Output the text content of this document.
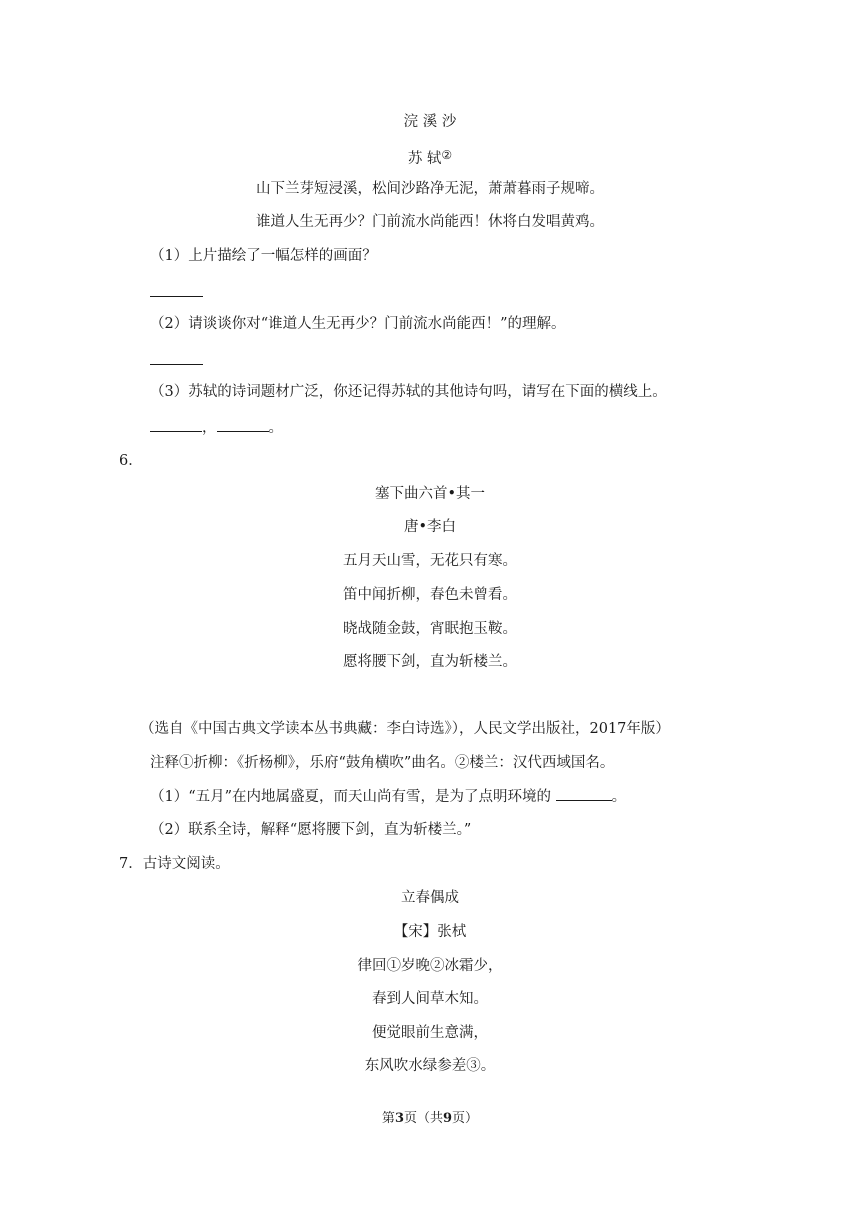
浣 溪 沙
苏 轼②
山下兰芽短浸溪，松间沙路净无泥，萧萧暮雨子规啼。
谁道人生无再少？门前流水尚能西！休将白发唱黄鸡。
（1）上片描绘了一幅怎样的画面？
（2）请谈谈你对“谁道人生无再少？门前流水尚能西！”的理解。
（3）苏轼的诗词题材广泛，你还记得苏轼的其他诗句吗，请写在下面的横线上。
，	。
6．
塞下曲六首•其一
唐•李白
五月天山雪，无花只有寒。
笛中闻折柳，春色未曾看。
晓战随金鼓，宵眠抱玉鞍。
愿将腰下剑，直为斩楼兰。
（选自《中国古典文学读本丛书典藏：李白诗选》），人民文学出版社，2017年版）
注释①折柳：《折杨柳》，乐府“鼓角横吹”曲名。②楼兰：汉代西域国名。
（1）“五月”在内地属盛夏，而天山尚有雪，是为了点明环境的	。
（2）联系全诗，解释“愿将腰下剑，直为斩楼兰。”
7．古诗文阅读。
立春偶成
【宋】张栻
律回①岁晚②冰霜少，
春到人间草木知。
便觉眼前生意满，
东风吹水绿参差③。
第3页（共9页）
